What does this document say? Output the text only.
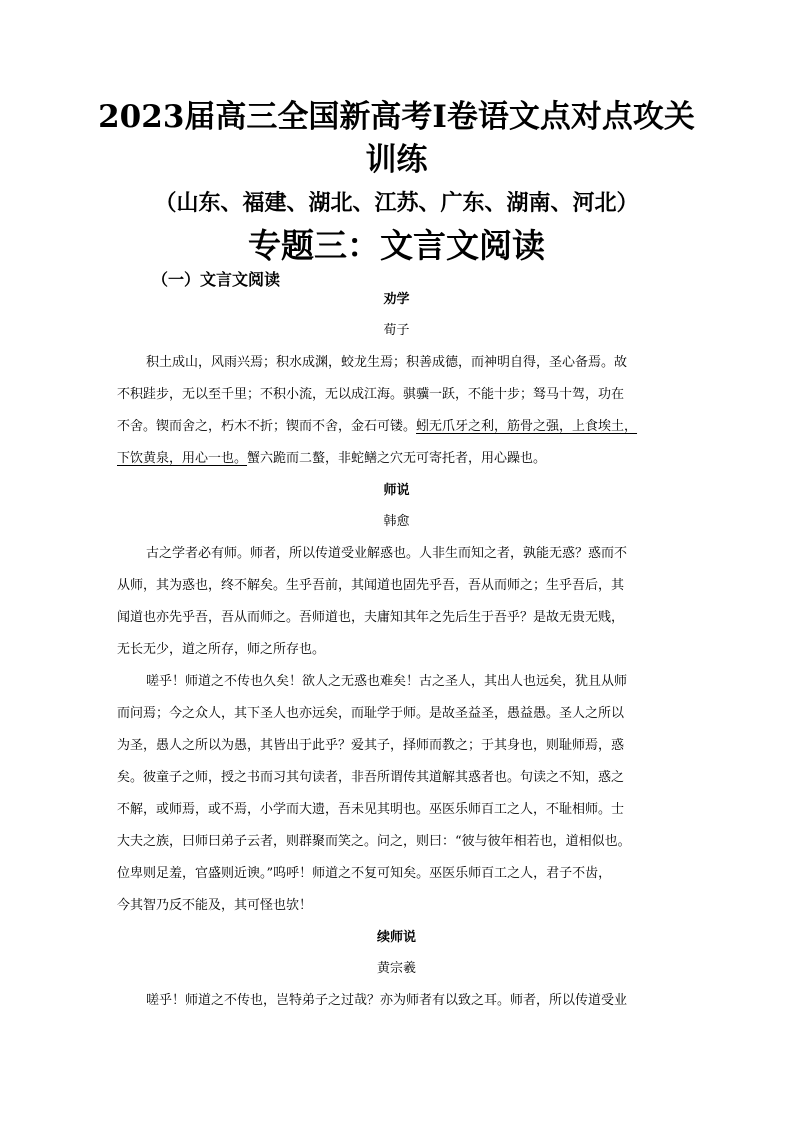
2023届高三全国新高考Ⅰ卷语文点对点攻关
训练
（山东、福建、湖北、江苏、广东、湖南、河北）
专题三：文言文阅读
（一）文言文阅读
劝学
荀子
积土成山，风雨兴焉；积水成渊，蛟龙生焉；积善成德，而神明自得，圣心备焉。故
不积跬步，无以至千里；不积小流，无以成江海。骐骥一跃，不能十步；驽马十驾，功在
不舍。锲而舍之，朽木不折；锲而不舍，金石可镂。蚓无爪牙之利，筋骨之强，上食埃土，
下饮黄泉，用心一也。蟹六跪而二螯，非蛇鳝之穴无可寄托者，用心躁也。
师说
韩愈
古之学者必有师。师者，所以传道受业解惑也。人非生而知之者，孰能无惑？惑而不
从师，其为惑也，终不解矣。生乎吾前，其闻道也固先乎吾，吾从而师之；生乎吾后，其
闻道也亦先乎吾，吾从而师之。吾师道也，夫庸知其年之先后生于吾乎？是故无贵无贱，
无长无少，道之所存，师之所存也。
嗟乎！师道之不传也久矣！欲人之无惑也难矣！古之圣人，其出人也远矣，犹且从师
而问焉；今之众人，其下圣人也亦远矣，而耻学于师。是故圣益圣，愚益愚。圣人之所以
为圣，愚人之所以为愚，其皆出于此乎？爱其子，择师而教之；于其身也，则耻师焉，惑
矣。彼童子之师，授之书而习其句读者，非吾所谓传其道解其惑者也。句读之不知，惑之
不解，或师焉，或不焉，小学而大遗，吾未见其明也。巫医乐师百工之人，不耻相师。士
大夫之族，曰师曰弟子云者，则群聚而笑之。问之，则曰：“彼与彼年相若也，道相似也。
位卑则足羞，官盛则近谀。”呜呼！师道之不复可知矣。巫医乐师百工之人，君子不齿，
今其智乃反不能及，其可怪也欤！
续师说
黄宗羲
嗟乎！师道之不传也，岂特弟子之过哉？亦为师者有以致之耳。师者，所以传道受业
